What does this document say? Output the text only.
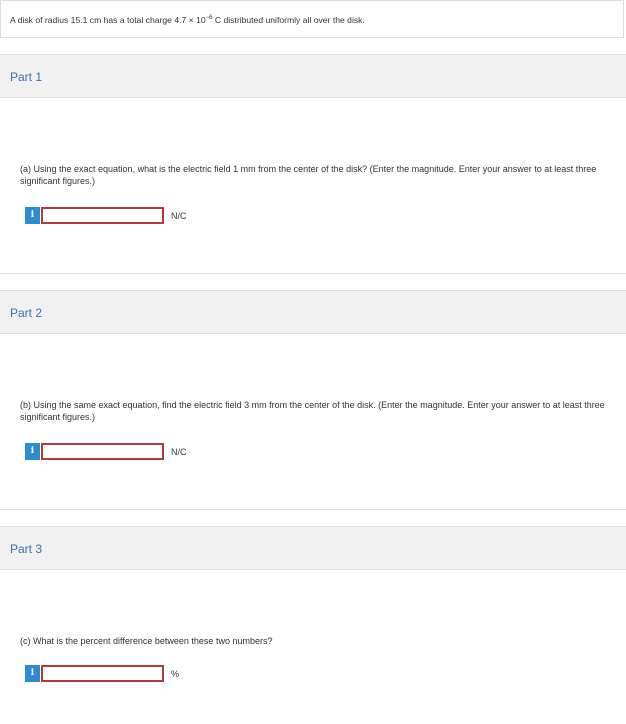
A disk of radius 15.1 cm has a total charge $4.7 \times 10^{-6}$ C distributed uniformly all over the disk.
Part 1
(a) Using the exact equation, what is the electric field 1 mm from the center of the disk? (Enter the magnitude. Enter your answer to at least three significant figures.)
i	N/C
Part 2
(b) Using the same exact equation, find the electric field 3 mm from the center of the disk. (Enter the magnitude. Enter your answer to at least three significant figures.)
i	N/C
Part 3
(c) What is the percent difference between these two numbers?
i	%
